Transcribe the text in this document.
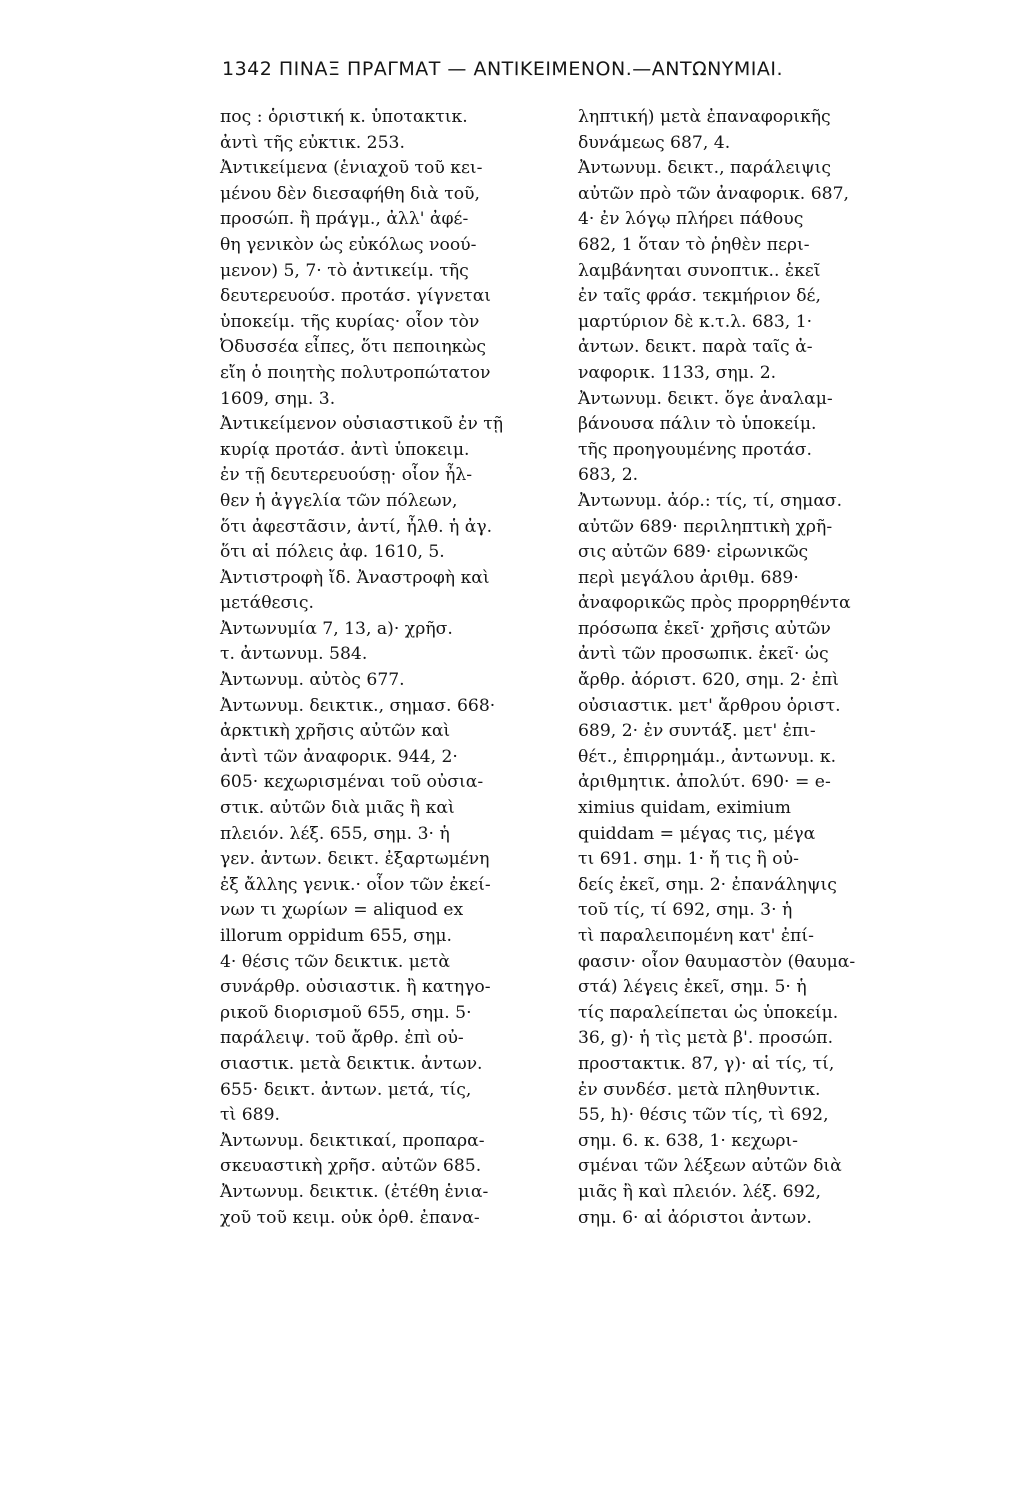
1342 ΠΙΝΑΞ ΠΡΑΓΜΑΤ — ΑΝΤΙΚΕΙΜΕΝΟΝ.—ΑΝΤΩΝΥΜΙΑΙ.
πος : ὁριστική κ. ὑποτακτικ.
ἀντὶ τῆς εὐκτικ. 253.
Ἀντικείμενα (ἑνιαχοῦ τοῦ κει-
μένου δὲν διεσαφήθη διὰ τοῦ,
προσώπ. ἢ πράγμ., ἀλλ' ἀφέ-
θη γενικὸν ὡς εὐκόλως νοού-
μενον) 5, 7· τὸ ἀντικείμ. τῆς
δευτερευούσ. προτάσ. γίγνεται
ὑποκείμ. τῆς κυρίας· οἷον τὸν
Ὀδυσσέα εἶπες, ὅτι πεποιηκὼς
εἴη ὁ ποιητὴς πολυτροπώτατον
1609, σημ. 3.
Ἀντικείμενον οὐσιαστικοῦ ἐν τῇ
κυρίᾳ προτάσ. ἀντὶ ὑποκειμ.
ἐν τῇ δευτερευούσῃ· οἷον ἦλ-
θεν ἡ ἀγγελία τῶν πόλεων,
ὅτι ἀφεστᾶσιν, ἀντί, ἦλθ. ἡ ἀγ.
ὅτι αἱ πόλεις ἀφ. 1610, 5.
Ἀντιστροφὴ ἴδ. Ἀναστροφὴ καὶ
μετάθεσις.
Ἀντωνυμία 7, 13, a)· χρῆσ.
τ. ἀντωνυμ. 584.
Ἀντωνυμ. αὐτὸς 677.
Ἀντωνυμ. δεικτικ., σημασ. 668·
ἀρκτικὴ χρῆσις αὐτῶν καὶ
ἀντὶ τῶν ἀναφορικ. 944, 2·
605· κεχωρισμέναι τοῦ οὐσια-
στικ. αὐτῶν διὰ μιᾶς ἢ καὶ
πλειόν. λέξ. 655, σημ. 3· ἡ
γεν. ἀντων. δεικτ. ἐξαρτωμένη
ἐξ ἄλλης γενικ.· οἷον τῶν ἐκεί-
νων τι χωρίων = aliquod ex
illorum oppidum 655, σημ.
4· θέσις τῶν δεικτικ. μετὰ
συνάρθρ. οὐσιαστικ. ἢ κατηγο-
ρικοῦ διορισμοῦ 655, σημ. 5·
παράλειψ. τοῦ ἄρθρ. ἐπὶ οὐ-
σιαστικ. μετὰ δεικτικ. ἀντων.
655· δεικτ. ἀντων. μετά, τίς,
τὶ 689.
Ἀντωνυμ. δεικτικαί, προπαρα-
σκευαστικὴ χρῆσ. αὐτῶν 685.
Ἀντωνυμ. δεικτικ. (ἐτέθη ἑνια-
χοῦ τοῦ κειμ. οὐκ ὀρθ. ἐπανα-
ληπτική) μετὰ ἐπαναφορικῆς
δυνάμεως 687, 4.
Ἀντωνυμ. δεικτ., παράλειψις
αὐτῶν πρὸ τῶν ἀναφορικ. 687,
4· ἐν λόγῳ πλήρει πάθους
682, 1 ὅταν τὸ ῥηθὲν περι-
λαμβάνηται συνοπτικ.. ἐκεῖ
ἐν ταῖς φράσ. τεκμήριον δέ,
μαρτύριον δὲ κ.τ.λ. 683, 1·
ἀντων. δεικτ. παρὰ ταῖς ἀ-
ναφορικ. 1133, σημ. 2.
Ἀντωνυμ. δεικτ. ὅγε ἀναλαμ-
βάνουσα πάλιν τὸ ὑποκείμ.
τῆς προηγουμένης προτάσ.
683, 2.
Ἀντωνυμ. ἀόρ.: τίς, τί, σημασ.
αὐτῶν 689· περιληπτικὴ χρῆ-
σις αὐτῶν 689· εἰρωνικῶς
περὶ μεγάλου ἀριθμ. 689·
ἀναφορικῶς πρὸς προρρηθέντα
πρόσωπα ἐκεῖ· χρῆσις αὐτῶν
ἀντὶ τῶν προσωπικ. ἐκεῖ· ὡς
ἄρθρ. ἀόριστ. 620, σημ. 2· ἐπὶ
οὐσιαστικ. μετ' ἄρθρου ὁριστ.
689, 2· ἐν συντάξ. μετ' ἐπι-
θέτ., ἐπιρρημάμ., ἀντωνυμ. κ.
ἀριθμητικ. ἀπολύτ. 690· = e-
ximius quidam, eximium
quiddam = μέγας τις, μέγα
τι 691. σημ. 1· ἤ τις ἢ οὐ-
δείς ἐκεῖ, σημ. 2· ἐπανάληψις
τοῦ τίς, τί 692, σημ. 3· ἡ
τὶ παραλειπομένη κατ' ἐπί-
φασιν· οἷον θαυμαστὸν (θαυμα-
στά) λέγεις ἐκεῖ, σημ. 5· ἡ
τίς παραλείπεται ὡς ὑποκείμ.
36, g)· ἡ τὶς μετὰ β'. προσώπ.
προστακτικ. 87, γ)· αἱ τίς, τί,
ἐν συνδέσ. μετὰ πληθυντικ.
55, h)· θέσις τῶν τίς, τὶ 692,
σημ. 6. κ. 638, 1· κεχωρι-
σμέναι τῶν λέξεων αὐτῶν διὰ
μιᾶς ἢ καὶ πλειόν. λέξ. 692,
σημ. 6· αἱ ἀόριστοι ἀντων.
